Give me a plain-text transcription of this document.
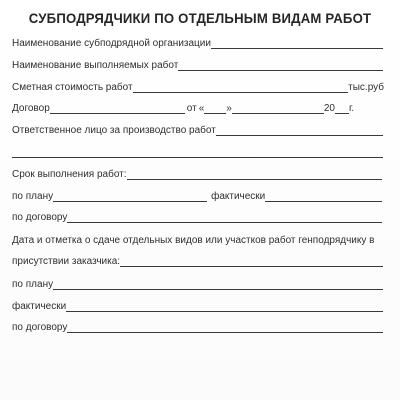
СУБПОДРЯДЧИКИ ПО ОТДЕЛЬНЫМ ВИДАМ РАБОТ
Наименование субподрядной организации
Наименование выполняемых работ
Сметная стоимость работ	тыс.руб
Договор	от « »	20 г.
Ответственное лицо за производство работ
Срок выполнения работ:
по плану	фактически
по договору
Дата и отметка о сдаче отдельных видов или участков работ генподрядчику в
присутствии заказчика:
по плану
фактически
по договору
